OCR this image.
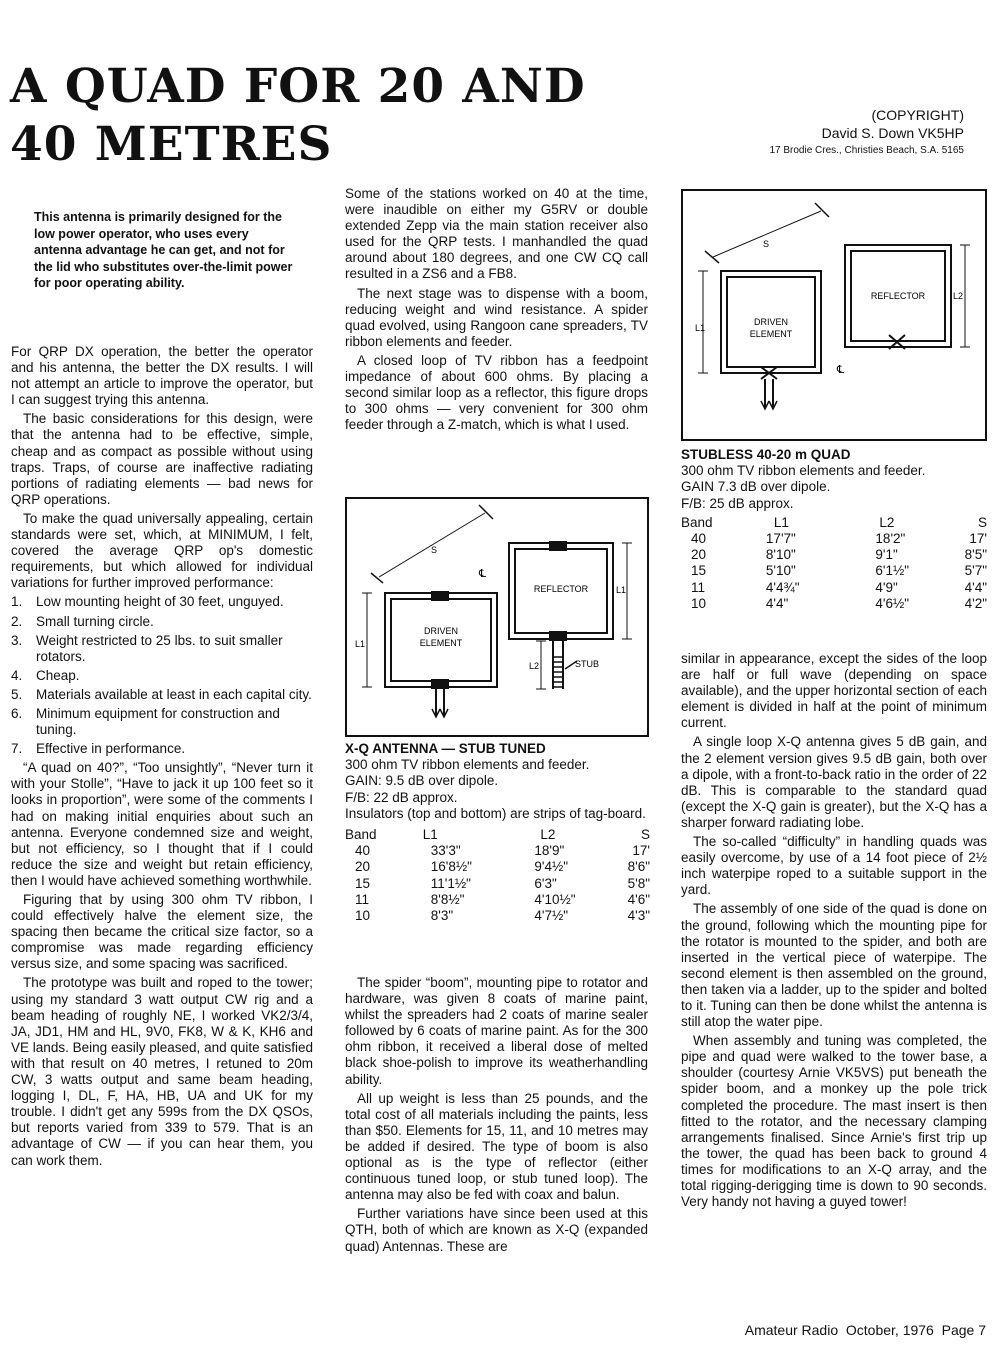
A QUAD FOR 20 AND
40 METRES
(COPYRIGHT)
David S. Down VK5HP
17 Brodie Cres., Christies Beach, S.A. 5165
This antenna is primarily designed for the low power operator, who uses every antenna advantage he can get, and not for the lid who substitutes over-the-limit power for poor operating ability.

For QRP DX operation, the better the operator and his antenna, the better the DX results. I will not attempt an article to improve the operator, but I can suggest trying this antenna.

The basic considerations for this design, were that the antenna had to be effective, simple, cheap and as compact as possible without using traps. Traps, of course are inaffective radiating portions of radiating elements — bad news for QRP operations.

To make the quad universally appealing, certain standards were set, which, at MINIMUM, I felt, covered the average QRP op's domestic requirements, but which allowed for individual variations for further improved performance:

1.	Low mounting height of 30 feet, unguyed.
2.	Small turning circle.
3.	Weight restricted to 25 lbs. to suit smaller rotators.
4.	Cheap.
5.	Materials available at least in each capital city.
6.	Minimum equipment for construction and tuning.
7.	Effective in performance.

“A quad on 40?”, “Too unsightly”, “Never turn it with your Stolle”, “Have to jack it up 100 feet so it looks in proportion”, were some of the comments I had on making initial enquiries about such an antenna. Everyone condemned size and weight, but not efficiency, so I thought that if I could reduce the size and weight but retain efficiency, then I would have achieved something worthwhile.

Figuring that by using 300 ohm TV ribbon, I could effectively halve the element size, the spacing then became the critical size factor, so a compromise was made regarding efficiency versus size, and some spacing was sacrificed.

The prototype was built and roped to the tower; using my standard 3 watt output CW rig and a beam heading of roughly NE, I worked VK2/3/4, JA, JD1, HM and HL, 9V0, FK8, W & K, KH6 and VE lands. Being easily pleased, and quite satisfied with that result on 40 metres, I retuned to 20m CW, 3 watts output and same beam heading, logging I, DL, F, HA, HB, UA and UK for my trouble. I didn't get any 599s from the DX QSOs, but reports varied from 339 to 579. That is an advantage of CW — if you can hear them, you can work them.

Some of the stations worked on 40 at the time, were inaudible on either my G5RV or double extended Zepp via the main station receiver also used for the QRP tests. I manhandled the quad around about 180 degrees, and one CW CQ call resulted in a ZS6 and a FB8.

The next stage was to dispense with a boom, reducing weight and wind resistance. A spider quad evolved, using Rangoon cane spreaders, TV ribbon elements and feeder.

A closed loop of TV ribbon has a feedpoint impedance of about 600 ohms. By placing a second similar loop as a reflector, this figure drops to 300 ohms — very convenient for 300 ohm feeder through a Z-match, which is what I used.

S
℄
DRIVEN
ELEMENT
REFLECTOR
L1
L1
L2	STUB
X-Q ANTENNA — STUB TUNED
300 ohm TV ribbon elements and feeder.
GAIN: 9.5 dB over dipole.
F/B: 22 dB approx.
Insulators (top and bottom) are strips of tag-board.
Band	L1	L2	S
40	33'3"	18'9"	17'
20	16'8½"	9'4½"	8'6"
15	11'1½"	6'3"	5'8"
11	8'8½"	4'10½"	4'6"
10	8'3"	4'7½"	4'3"

The spider “boom”, mounting pipe to rotator and hardware, was given 8 coats of marine paint, whilst the spreaders had 2 coats of marine sealer followed by 6 coats of marine paint. As for the 300 ohm ribbon, it received a liberal dose of melted black shoe-polish to improve its weatherhandling ability.

All up weight is less than 25 pounds, and the total cost of all materials including the paints, less than $50. Elements for 15, 11, and 10 metres may be added if desired. The type of boom is also optional as is the type of reflector (either continuous tuned loop, or stub tuned loop). The antenna may also be fed with coax and balun.

Further variations have since been used at this QTH, both of which are known as X-Q (expanded quad) Antennas. These are

S
℄
DRIVEN
ELEMENT
REFLECTOR
L1
L2
STUBLESS 40-20 m QUAD
300 ohm TV ribbon elements and feeder.
GAIN 7.3 dB over dipole.
F/B: 25 dB approx.
Band	L1	L2	S
40	17'7"	18'2"	17'
20	8'10"	9'1"	8'5"
15	5'10"	6'1½"	5'7"
11	4'4¾"	4'9"	4'4"
10	4'4"	4'6½"	4'2"

similar in appearance, except the sides of the loop are half or full wave (depending on space available), and the upper horizontal section of each element is divided in half at the point of minimum current.

A single loop X-Q antenna gives 5 dB gain, and the 2 element version gives 9.5 dB gain, both over a dipole, with a front-to-back ratio in the order of 22 dB. This is comparable to the standard quad (except the X-Q gain is greater), but the X-Q has a sharper forward radiating lobe.

The so-called “difficulty” in handling quads was easily overcome, by use of a 14 foot piece of 2½ inch waterpipe roped to a suitable support in the yard.

The assembly of one side of the quad is done on the ground, following which the mounting pipe for the rotator is mounted to the spider, and both are inserted in the vertical piece of waterpipe. The second element is then assembled on the ground, then taken via a ladder, up to the spider and bolted to it. Tuning can then be done whilst the antenna is still atop the water pipe.

When assembly and tuning was completed, the pipe and quad were walked to the tower base, a shoulder (courtesy Arnie VK5VS) put beneath the spider boom, and a monkey up the pole trick completed the procedure. The mast insert is then fitted to the rotator, and the necessary clamping arrangements finalised. Since Arnie's first trip up the tower, the quad has been back to ground 4 times for modifications to an X-Q array, and the total rigging-derigging time is down to 90 seconds. Very handy not having a guyed tower!

Amateur Radio  October, 1976  Page 7
